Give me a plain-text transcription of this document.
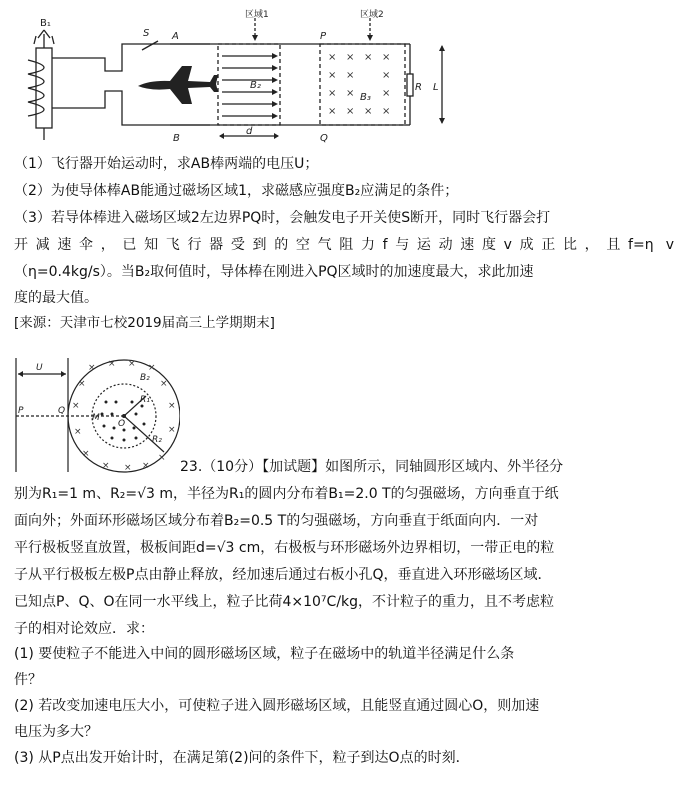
B₁
S A
B
区域1	区域2
P
Q
B₂
B₃
R L
d
× × × ×
× ×	×
× ×	×
× × × ×
（1）飞行器开始运动时，求AB棒两端的电压U；
（2）为使导体棒AB能通过磁场区域1，求磁感应强度B₂应满足的条件；
（3）若导体棒进入磁场区域2左边界PQ时，会触发电子开关使S断开，同时飞行器会打
开减速伞，已知飞行器受到的空气阻力f与运动速度v成正比，且f=η v
（η=0.4kg/s）。当B₂取何值时，导体棒在刚进入PQ区域时的加速度最大，求此加速
度的最大值。
[来源：天津市七校2019届高三上学期期末]
× × × ×
×	×
×	×
×	×
×	×
× × ×
U
P	Q
M
O
B₂
R₁
R₂
23.（10分）【加试题】如图所示，同轴圆形区域内、外半径分
别为R₁=1 m、R₂=√3 m，半径为R₁的圆内分布着B₁=2.0 T的匀强磁场，方向垂直于纸
面向外；外面环形磁场区域分布着B₂=0.5 T的匀强磁场，方向垂直于纸面向内．一对
平行极板竖直放置，极板间距d=√3 cm，右极板与环形磁场外边界相切，一带正电的粒
子从平行极板左极P点由静止释放，经加速后通过右板小孔Q，垂直进入环形磁场区域．
已知点P、Q、O在同一水平线上，粒子比荷4×10⁷C/kg，不计粒子的重力，且不考虑粒
子的相对论效应．求：
(1) 要使粒子不能进入中间的圆形磁场区域，粒子在磁场中的轨道半径满足什么条
件？
(2) 若改变加速电压大小，可使粒子进入圆形磁场区域，且能竖直通过圆心O，则加速
电压为多大？
(3) 从P点出发开始计时，在满足第(2)问的条件下，粒子到达O点的时刻．
